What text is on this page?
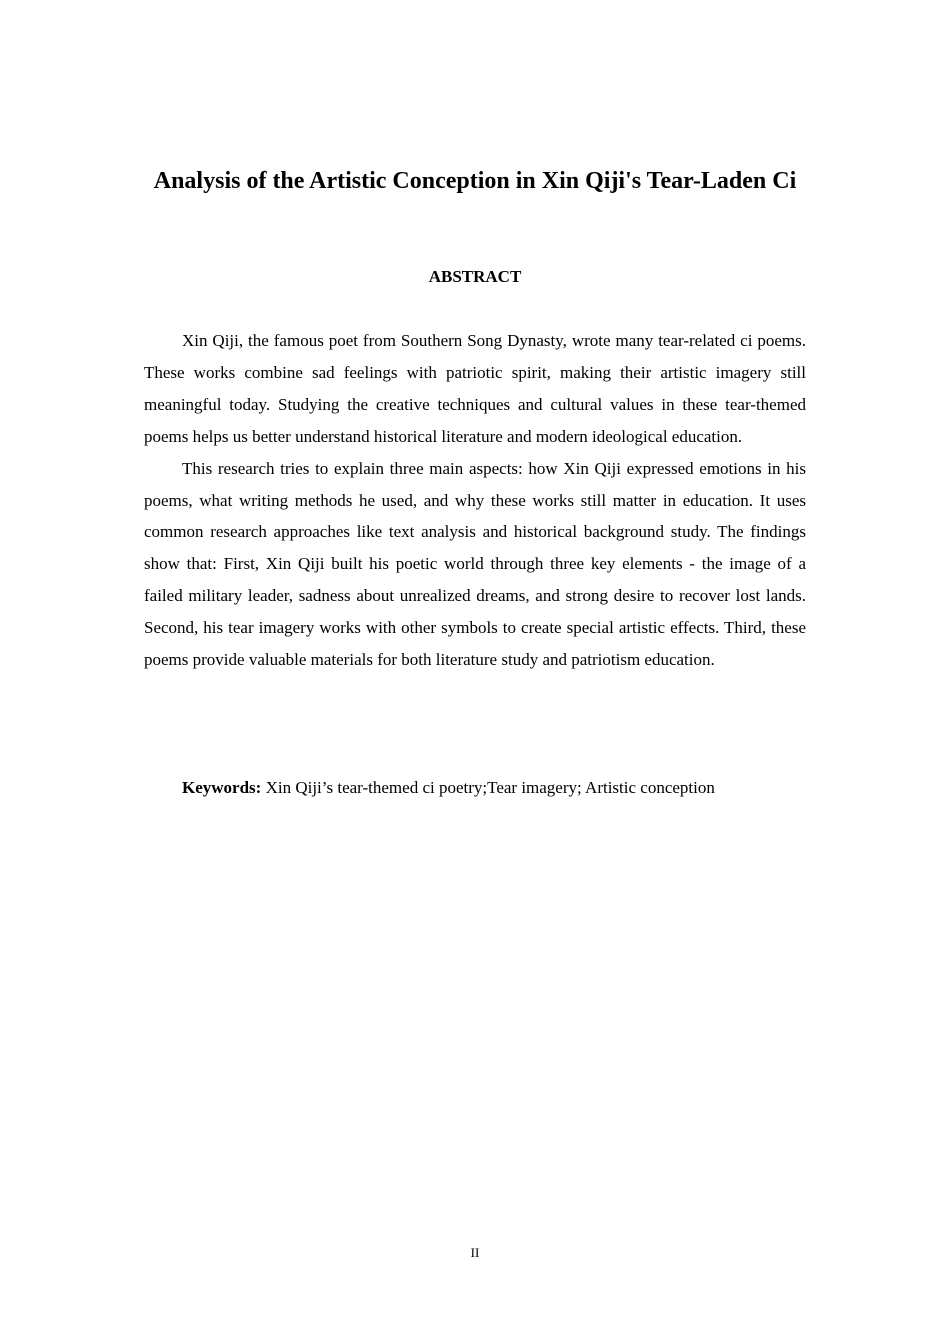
Analysis of the Artistic Conception in Xin Qiji's Tear-Laden Ci
ABSTRACT

Xin Qiji, the famous poet from Southern Song Dynasty, wrote many tear-related ci poems. These works combine sad feelings with patriotic spirit, making their artistic imagery still meaningful today. Studying the creative techniques and cultural values in these tear-themed poems helps us better understand historical literature and modern ideological education.

This research tries to explain three main aspects: how Xin Qiji expressed emotions in his poems, what writing methods he used, and why these works still matter in education. It uses common research approaches like text analysis and historical background study. The findings show that: First, Xin Qiji built his poetic world through three key elements - the image of a failed military leader, sadness about unrealized dreams, and strong desire to recover lost lands. Second, his tear imagery works with other symbols to create special artistic effects. Third, these poems provide valuable materials for both literature study and patriotism education.

Keywords: Xin Qiji’s tear-themed ci poetry;Tear imagery; Artistic conception

II
